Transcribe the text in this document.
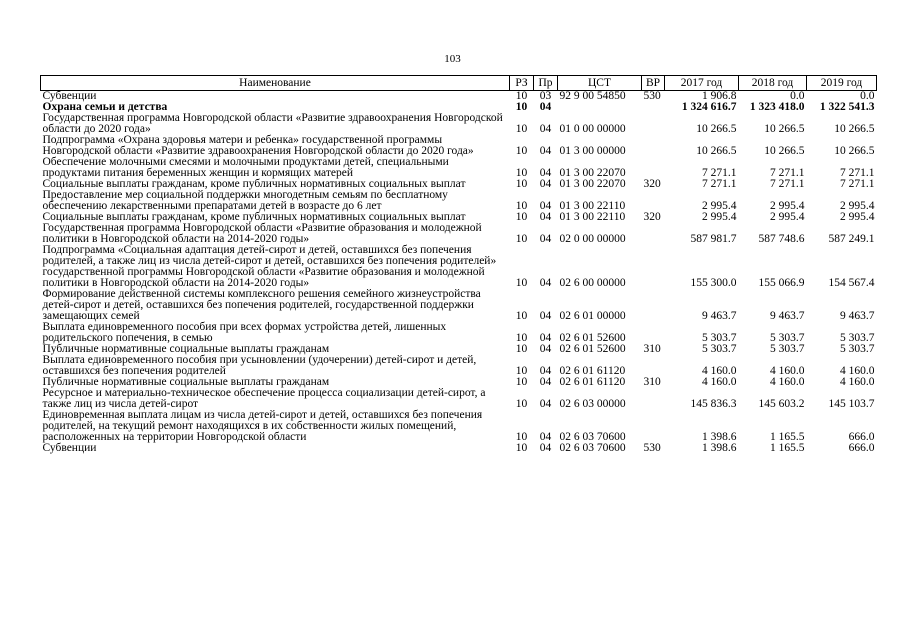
103
Наименование	РЗ	Пр	ЦСТ	ВР	2017 год	2018 год	2019 год
Субвенции	10	03	92 9 00 54850	530	1 906.8	0.0	0.0
Охрана семьи и детства	10	04			1 324 616.7	1 323 418.0	1 322 541.3
Государственная программа Новгородской области «Развитие здравоохранения Новгородской области до 2020 года»	10	04	01 0 00 00000		10 266.5	10 266.5	10 266.5
Подпрограмма «Охрана здоровья матери и ребенка» государственной программы Новгородской области «Развитие здравоохранения Новгородской области до 2020 года»	10	04	01 3 00 00000		10 266.5	10 266.5	10 266.5
Обеспечение молочными смесями и молочными продуктами детей, специальными продуктами питания беременных женщин и кормящих матерей	10	04	01 3 00 22070		7 271.1	7 271.1	7 271.1
Социальные выплаты гражданам, кроме публичных нормативных социальных выплат	10	04	01 3 00 22070	320	7 271.1	7 271.1	7 271.1
Предоставление мер социальной поддержки многодетным семьям по бесплатному обеспечению лекарственными препаратами детей в возрасте до 6 лет	10	04	01 3 00 22110		2 995.4	2 995.4	2 995.4
Социальные выплаты гражданам, кроме публичных нормативных социальных выплат	10	04	01 3 00 22110	320	2 995.4	2 995.4	2 995.4
Государственная программа Новгородской области «Развитие образования и молодежной политики в Новгородской области на 2014-2020 годы»	10	04	02 0 00 00000		587 981.7	587 748.6	587 249.1
Подпрограмма «Социальная адаптация детей-сирот и детей, оставшихся без попечения родителей, а также лиц из числа детей-сирот и детей, оставшихся без попечения родителей» государственной программы Новгородской области «Развитие образования и молодежной политики в Новгородской области на 2014-2020 годы»	10	04	02 6 00 00000		155 300.0	155 066.9	154 567.4
Формирование действенной системы комплексного решения семейного жизнеустройства детей-сирот и детей, оставшихся без попечения родителей, государственной поддержки замещающих семей	10	04	02 6 01 00000		9 463.7	9 463.7	9 463.7
Выплата единовременного пособия при всех формах устройства детей, лишенных родительского попечения, в семью	10	04	02 6 01 52600		5 303.7	5 303.7	5 303.7
Публичные нормативные социальные выплаты гражданам	10	04	02 6 01 52600	310	5 303.7	5 303.7	5 303.7
Выплата единовременного пособия при усыновлении (удочерении) детей-сирот и детей, оставшихся без попечения родителей	10	04	02 6 01 61120		4 160.0	4 160.0	4 160.0
Публичные нормативные социальные выплаты гражданам	10	04	02 6 01 61120	310	4 160.0	4 160.0	4 160.0
Ресурсное и материально-техническое обеспечение процесса социализации детей-сирот, а также лиц из числа детей-сирот	10	04	02 6 03 00000		145 836.3	145 603.2	145 103.7
Единовременная выплата лицам из числа детей-сирот и детей, оставшихся без попечения родителей, на текущий ремонт находящихся в их собственности жилых помещений, расположенных на территории Новгородской области	10	04	02 6 03 70600		1 398.6	1 165.5	666.0
Субвенции	10	04	02 6 03 70600	530	1 398.6	1 165.5	666.0
